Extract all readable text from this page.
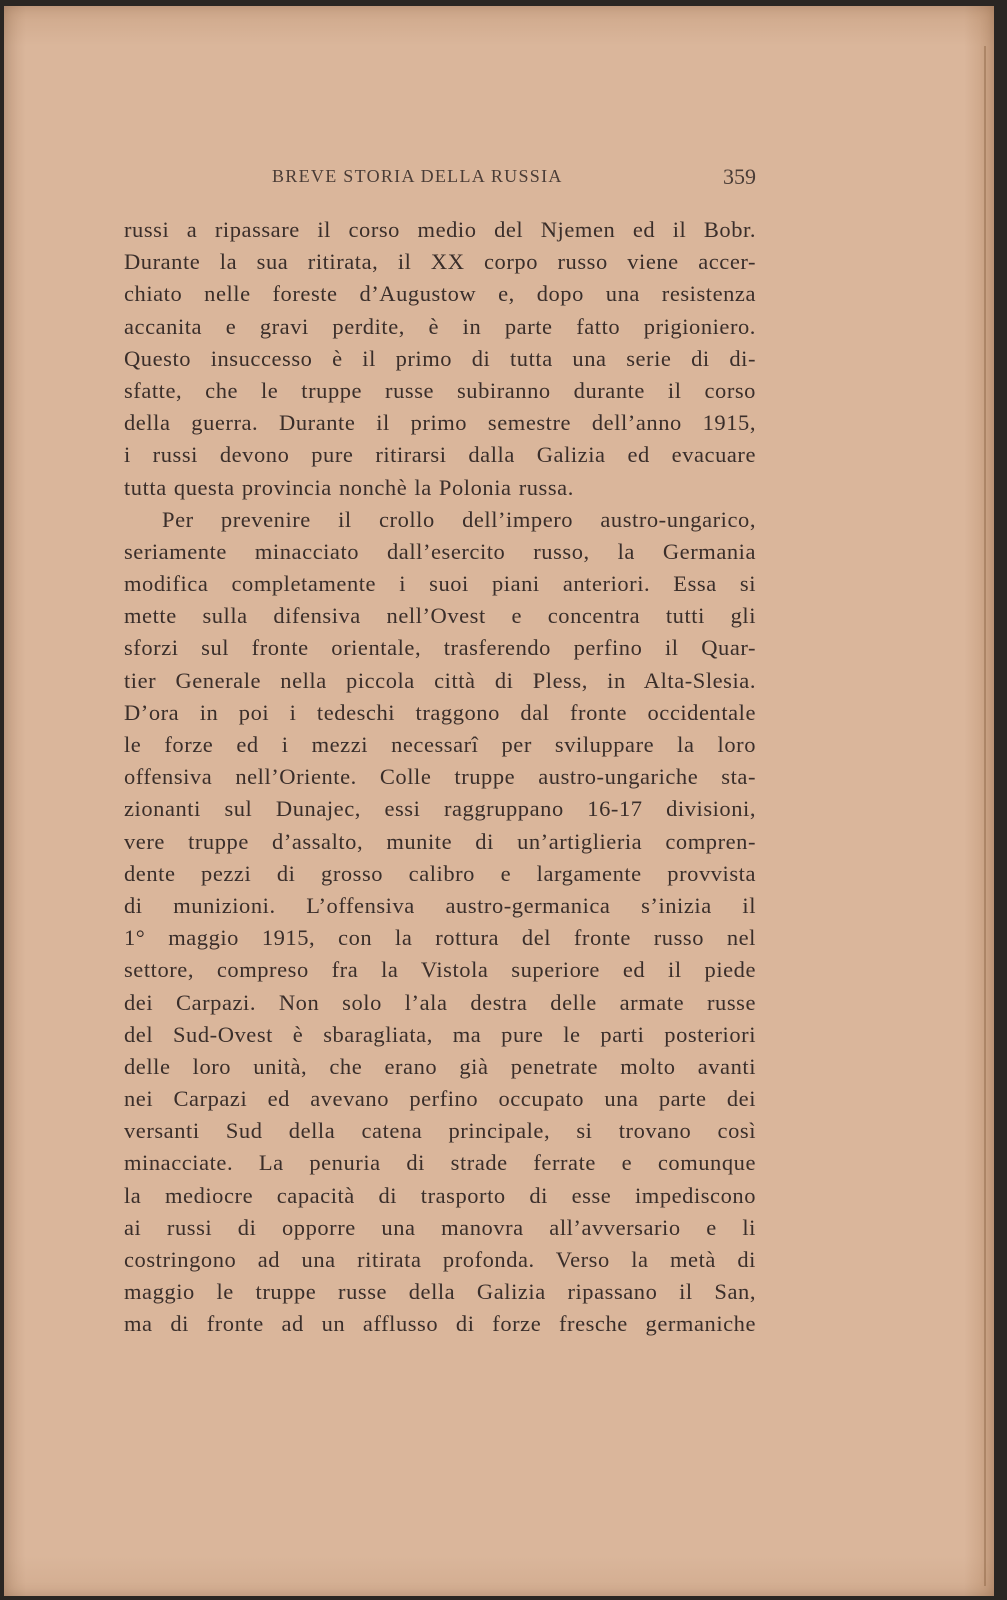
BREVE STORIA DELLA RUSSIA	359
russi a ripassare il corso medio del Njemen ed il Bobr.
Durante la sua ritirata, il XX corpo russo viene accer-
chiato nelle foreste d’Augustow e, dopo una resistenza
accanita e gravi perdite, è in parte fatto prigioniero.
Questo insuccesso è il primo di tutta una serie di di-
sfatte, che le truppe russe subiranno durante il corso
della guerra. Durante il primo semestre dell’anno 1915,
i russi devono pure ritirarsi dalla Galizia ed evacuare
tutta questa provincia nonchè la Polonia russa.
Per prevenire il crollo dell’impero austro-ungarico,
seriamente minacciato dall’esercito russo, la Germania
modifica completamente i suoi piani anteriori. Essa si
mette sulla difensiva nell’Ovest e concentra tutti gli
sforzi sul fronte orientale, trasferendo perfino il Quar-
tier Generale nella piccola città di Pless, in Alta-Slesia.
D’ora in poi i tedeschi traggono dal fronte occidentale
le forze ed i mezzi necessarî per sviluppare la loro
offensiva nell’Oriente. Colle truppe austro-ungariche sta-
zionanti sul Dunajec, essi raggruppano 16-17 divisioni,
vere truppe d’assalto, munite di un’artiglieria compren-
dente pezzi di grosso calibro e largamente provvista
di munizioni. L’offensiva austro-germanica s’inizia il
1° maggio 1915, con la rottura del fronte russo nel
settore, compreso fra la Vistola superiore ed il piede
dei Carpazi. Non solo l’ala destra delle armate russe
del Sud-Ovest è sbaragliata, ma pure le parti posteriori
delle loro unità, che erano già penetrate molto avanti
nei Carpazi ed avevano perfino occupato una parte dei
versanti Sud della catena principale, si trovano così
minacciate. La penuria di strade ferrate e comunque
la mediocre capacità di trasporto di esse impediscono
ai russi di opporre una manovra all’avversario e li
costringono ad una ritirata profonda. Verso la metà di
maggio le truppe russe della Galizia ripassano il San,
ma di fronte ad un afflusso di forze fresche germaniche
